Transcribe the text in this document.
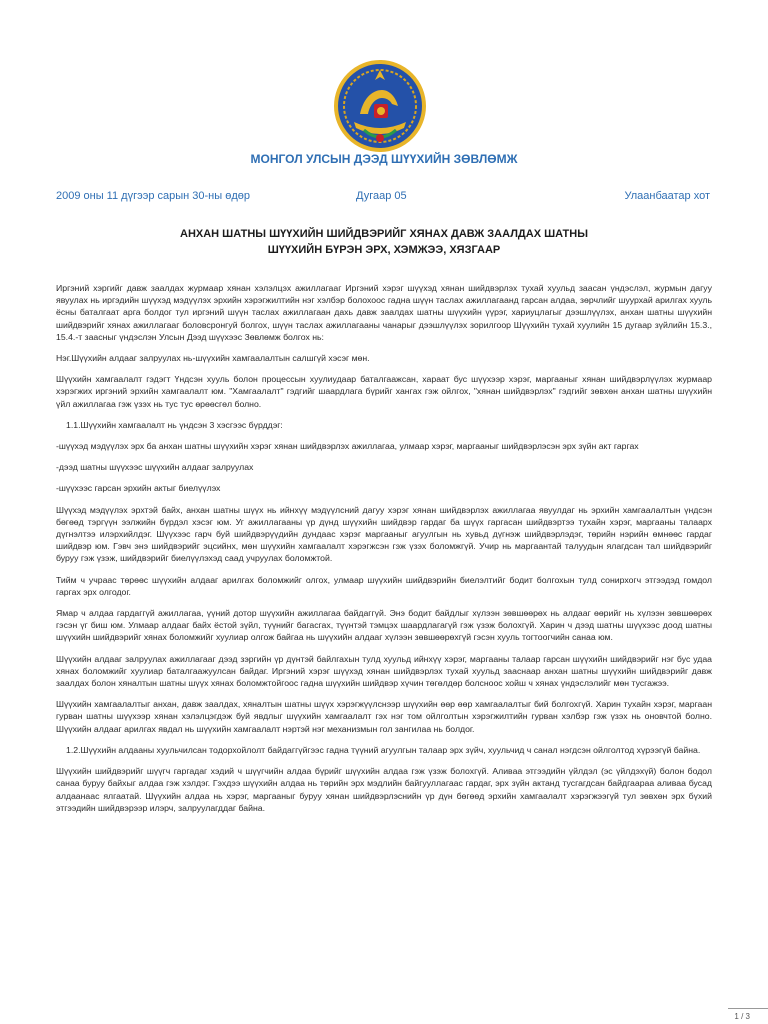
МОНГОЛ УЛСЫН ДЭЭД ШҮҮХИЙН ЗӨВЛӨМЖ
2009 оны 11 дүгээр сарын 30-ны өдөр	Дугаар 05	Улаанбаатар хот
АНХАН ШАТНЫ ШҮҮХИЙН ШИЙДВЭРИЙГ ХЯНАХ ДАВЖ ЗААЛДАХ ШАТНЫ
ШҮҮХИЙН БҮРЭН ЭРХ, ХЭМЖЭЭ, ХЯЗГААР

Иргэний хэргийг давж заалдах журмаар хянан хэлэлцэх ажиллагааг Иргэний хэрэг шүүхэд хянан шийдвэрлэх тухай хуульд заасан үндэслэл, журмын дагуу явуулах нь иргэдийн шүүхэд мэдүүлэх эрхийн хэрэгжилтийн нэг хэлбэр болохоос гадна шүүн таслах ажиллагаанд гарсан алдаа, зөрчлийг шуурхай арилгах хууль ёсны баталгаат арга болдог тул иргэний шүүн таслах ажиллагаан дахь давж заалдах шатны шүүхийн үүрэг, хариуцлагыг дээшлүүлэх, анхан шатны шүүхийн шийдвэрийг хянах ажиллагааг боловсронгуй болгох, шүүн таслах ажиллагааны чанарыг дээшлүүлэх зорилгоор Шүүхийн тухай хуулийн 15 дугаар зүйлийн 15.3., 15.4.-т заасныг үндэслэн Улсын Дээд шүүхээс Зөвлөмж болгох нь:

Нэг.Шүүхийн алдааг залруулах нь-шүүхийн хамгаалалтын салшгүй хэсэг мөн.

Шүүхийн хамгаалалт гэдэгт Үндсэн хууль болон процессын хуулиудаар баталгаажсан, хараат бус шүүхээр хэрэг, маргааныг хянан шийдвэрлүүлэх журмаар хэрэгжих иргэний эрхийн хамгаалалт юм. "Хамгаалалт" гэдгийг шаардлага бүрийг хангах гэж ойлгох, "хянан шийдвэрлэх" гэдгийг зөвхөн анхан шатны шүүхийн үйл ажиллагаа гэж үзэх нь тус тус өрөөсгөл болно.

1.1.Шүүхийн хамгаалалт нь үндсэн 3 хэсгээс бүрддэг:

-шүүхэд мэдүүлэх эрх ба анхан шатны шүүхийн хэрэг хянан шийдвэрлэх ажиллагаа, улмаар хэрэг, маргааныг шийдвэрлэсэн эрх зүйн акт гаргах

-дээд шатны шүүхээс шүүхийн алдааг залруулах

-шүүхээс гарсан эрхийн актыг биелүүлэх

Шүүхэд мэдүүлэх эрхтэй байх, анхан шатны шүүх нь ийнхүү мэдүүлсний дагуу хэрэг хянан шийдвэрлэх ажиллагаа явуулдаг нь эрхийн хамгаалалтын үндсэн бөгөөд тэргүүн ээлжийн бүрдэл хэсэг юм. Уг ажиллагааны үр дүнд шүүхийн шийдвэр гардаг ба шүүх гаргасан шийдвэртээ тухайн хэрэг, маргааны талаарх дүгнэлтээ илэрхийлдэг. Шүүхээс гарч буй шийдвэрүүдийн дундаас хэрэг маргааныг агуулгын нь хувьд дүгнэж шийдвэрлэдэг, төрийн нэрийн өмнөөс гардаг шийдвэр юм. Гэвч энэ шийдвэрийг эцсийнх, мөн шүүхийн хамгаалалт хэрэгжсэн гэж үзэх боломжгүй. Учир нь маргаантай талуудын ялагдсан тал шийдвэрийг буруу гэж үзэж, шийдвэрийг биелүүлэхэд саад учруулах боломжтой.

Тийм ч учраас төрөөс шүүхийн алдааг арилгах боломжийг олгох, улмаар шүүхийн шийдвэрийн биелэлтийг бодит болгохын тулд сонирхогч этгээдэд гомдол гаргах эрх олгодог.

Ямар ч алдаа гардаггүй ажиллагаа, үүний дотор шүүхийн ажиллагаа байдаггүй. Энэ бодит байдлыг хүлээн зөвшөөрөх нь алдааг өөрийг нь хүлээн зөвшөөрөх гэсэн үг биш юм. Улмаар алдааг байх ёстой зүйл, түүнийг багасгах, түүнтэй тэмцэх шаардлагагүй гэж үзэж болохгүй. Харин ч дээд шатны шүүхээс доод шатны шүүхийн шийдвэрийг хянах боломжийг хуулиар олгож байгаа нь шүүхийн алдааг хүлээн зөвшөөрөхгүй гэсэн хууль тогтоогчийн санаа юм.

Шүүхийн алдааг залруулах ажиллагааг дээд зэргийн үр дүнтэй байлгахын тулд хуульд ийнхүү хэрэг, маргааны талаар гарсан шүүхийн шийдвэрийг нэг бус удаа хянах боломжийг хуулиар баталгаажуулсан байдаг. Иргэний хэрэг шүүхэд хянан шийдвэрлэх тухай хуульд зааснаар анхан шатны шүүхийн шийдвэрийг давж заалдах болон хяналтын шатны шүүх хянах боломжтойгоос гадна шүүхийн шийдвэр хүчин төгөлдөр болсноос хойш ч хянах үндэслэлийг мөн тусгажээ.

Шүүхийн хамгаалалтыг анхан, давж заалдах, хяналтын шатны шүүх хэрэгжүүлснээр шүүхийн өөр өөр хамгаалалтыг бий болгохгүй. Харин тухайн хэрэг, маргаан гурван шатны шүүхээр хянан хэлэлцэгдэж буй явдлыг шүүхийн хамгаалалт гэх нэг том ойлголтын хэрэгжилтийн гурван хэлбэр гэж үзэх нь оновчтой болно. Шүүхийн алдааг арилгах явдал нь шүүхийн хамгаалалт нэртэй нэг механизмын гол зангилаа нь болдог.

1.2.Шүүхийн алдааны хуульчилсан тодорхойлолт байдаггүйгээс гадна түүний агуулгын талаар эрх зүйч, хуульчид ч санал нэгдсэн ойлголтод хүрээгүй байна.

Шүүхийн шийдвэрийг шүүгч гаргадаг хэдий ч шүүгчийн алдаа бүрийг шүүхийн алдаа гэж үзэж болохгүй. Аливаа этгээдийн үйлдэл (эс үйлдэхүй) болон бодол санаа буруу байхыг алдаа гэж хэлдэг. Гэхдээ шүүхийн алдаа нь төрийн эрх мэдлийн байгууллагаас гардаг, эрх зүйн актанд тусгагдсан байдгаараа аливаа бусад алдаанаас ялгаатай. Шүүхийн алдаа нь хэрэг, маргааныг буруу хянан шийдвэрлэснийн үр дүн бөгөөд эрхийн хамгаалалт хэрэгжээгүй тул зөвхөн эрх бүхий этгээдийн шийдвэрээр илэрч, залруулагддаг байна.

1 / 3
